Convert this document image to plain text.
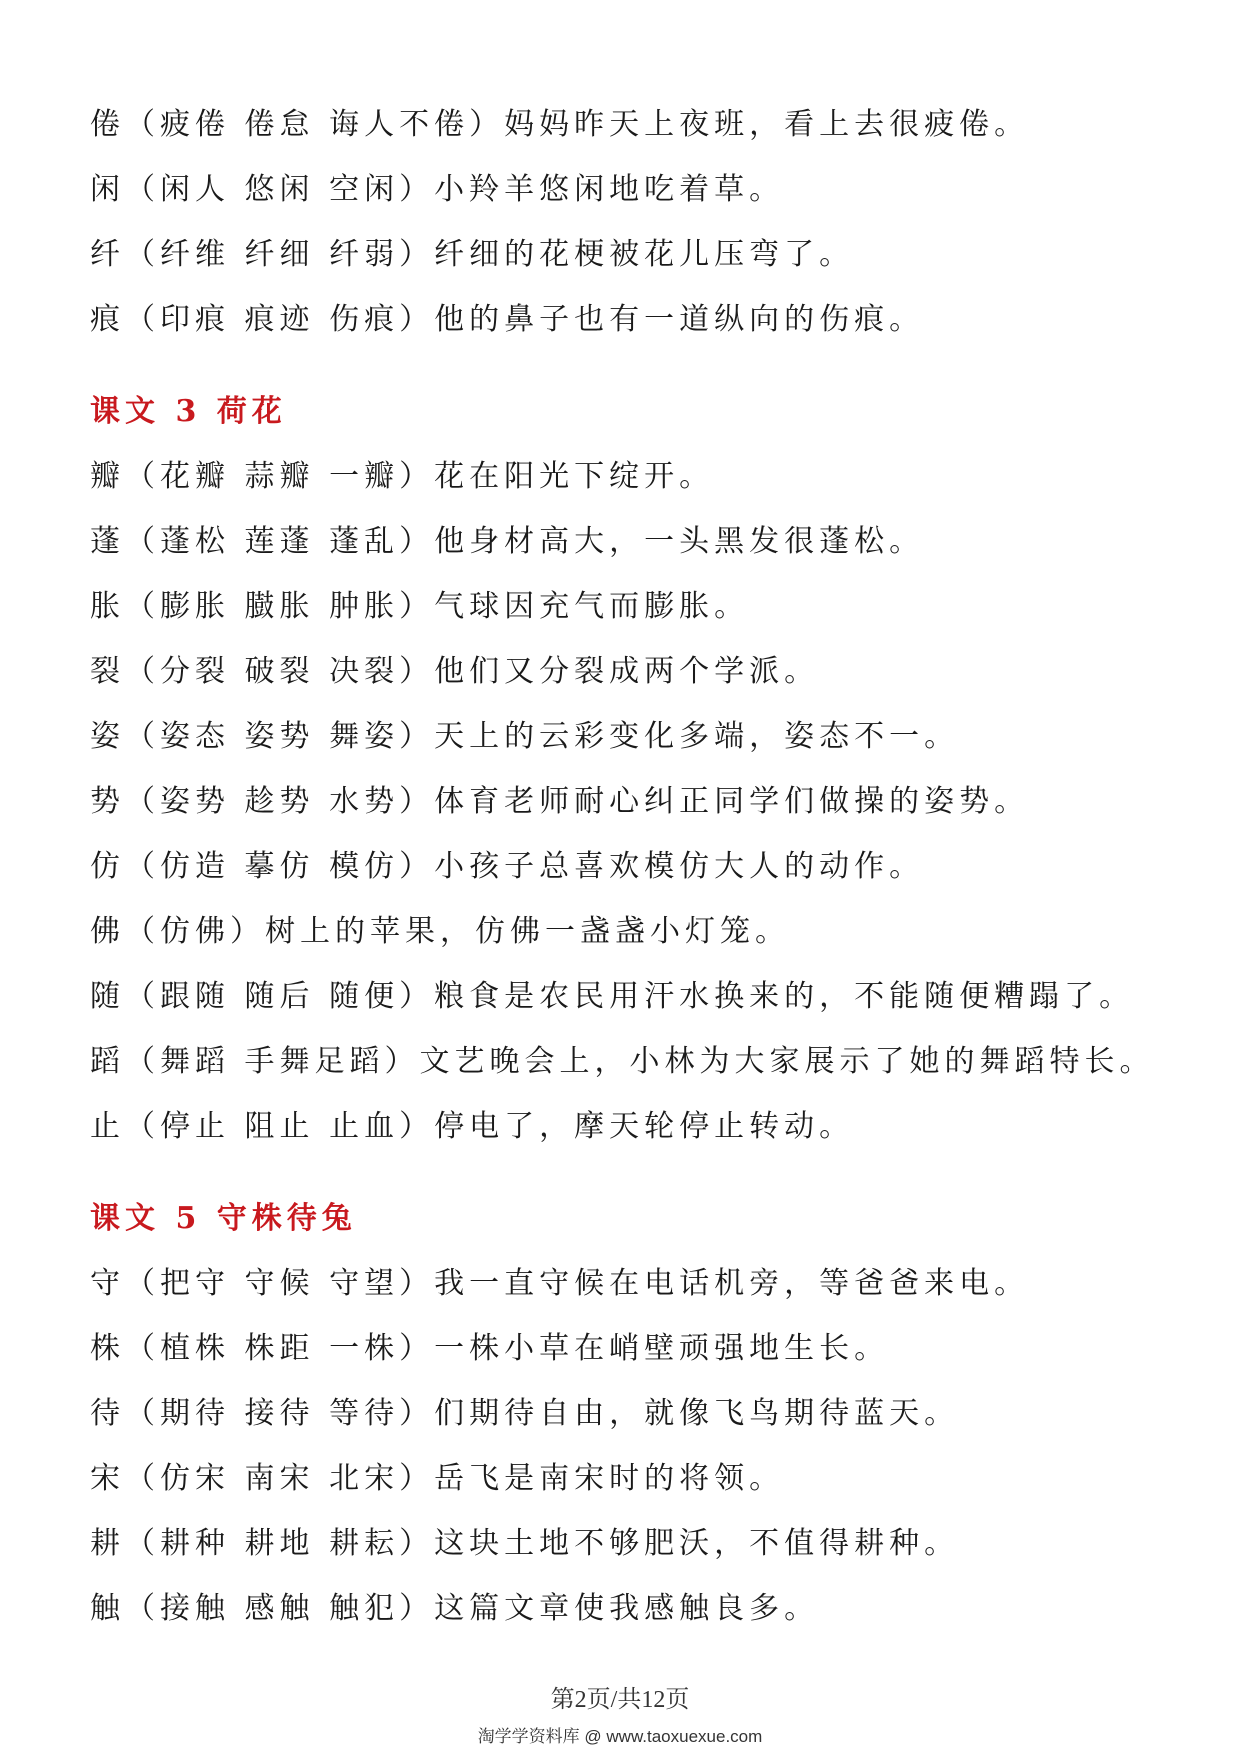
倦（疲倦 倦怠 诲人不倦）妈妈昨天上夜班，看上去很疲倦。
闲（闲人 悠闲 空闲）小羚羊悠闲地吃着草。
纤（纤维 纤细 纤弱）纤细的花梗被花儿压弯了。
痕（印痕 痕迹 伤痕）他的鼻子也有一道纵向的伤痕。
课文 3 荷花
瓣（花瓣 蒜瓣 一瓣）花在阳光下绽开。
蓬（蓬松 莲蓬 蓬乱）他身材高大，一头黑发很蓬松。
胀（膨胀 臌胀 肿胀）气球因充气而膨胀。
裂（分裂 破裂 决裂）他们又分裂成两个学派。
姿（姿态 姿势 舞姿）天上的云彩变化多端，姿态不一。
势（姿势 趁势 水势）体育老师耐心纠正同学们做操的姿势。
仿（仿造 摹仿 模仿）小孩子总喜欢模仿大人的动作。
佛（仿佛）树上的苹果，仿佛一盏盏小灯笼。
随（跟随 随后 随便）粮食是农民用汗水换来的，不能随便糟蹋了。
蹈（舞蹈 手舞足蹈）文艺晚会上，小林为大家展示了她的舞蹈特长。
止（停止 阻止 止血）停电了，摩天轮停止转动。
课文 5 守株待兔
守（把守 守候 守望）我一直守候在电话机旁，等爸爸来电。
株（植株 株距 一株）一株小草在峭壁顽强地生长。
待（期待 接待 等待）们期待自由，就像飞鸟期待蓝天。
宋（仿宋 南宋 北宋）岳飞是南宋时的将领。
耕（耕种 耕地 耕耘）这块土地不够肥沃，不值得耕种。
触（接触 感触 触犯）这篇文章使我感触良多。
第2页/共12页
淘学学资料库 @ www.taoxuexue.com
